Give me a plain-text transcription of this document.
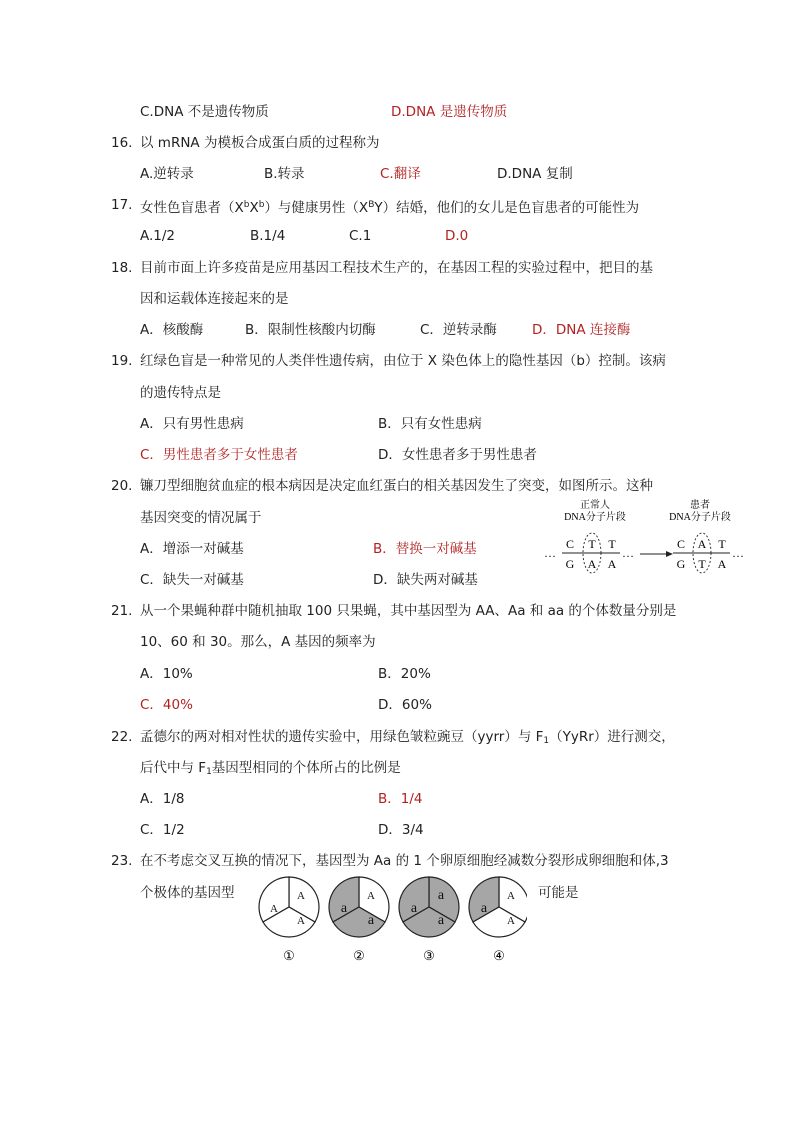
C.DNA 不是遗传物质	D.DNA 是遗传物质
16. 以 mRNA 为模板合成蛋白质的过程称为
A.逆转录	B.转录	C.翻译	D.DNA 复制
17. 女性色盲患者$(X^bX^b)$与健康男性$(X^BY)$结婚，他们的女儿是色盲患者的可能性为
A.1/2	B.1/4	C.1	D.0
18. 目前市面上许多疫苗是应用基因工程技术生产的，在基因工程的实验过程中，把目的基
因和运载体连接起来的是
A．核酸酶	B．限制性核酸内切酶	C．逆转录酶	D．DNA 连接酶
19. 红绿色盲是一种常见的人类伴性遗传病，由位于 X 染色体上的隐性基因（b）控制。该病
的遗传特点是
A．只有男性患病	B．只有女性患病
C．男性患者多于女性患者	D．女性患者多于男性患者
20. 镰刀型细胞贫血症的根本病因是决定血红蛋白的相关基因发生了突变，如图所示。这种
基因突变的情况属于
A．增添一对碱基	B．替换一对碱基
C．缺失一对碱基	D．缺失两对碱基
正常人
DNA分子片段
患者
DNA分子片段
…
C T T
G A A
…
C A T
G T A
…
21. 从一个果蝇种群中随机抽取 100 只果蝇，其中基因型为 AA、Aa 和 aa 的个体数量分别是
10、60 和 30。那么，A 基因的频率为
A．10%	B．20%
C．40%	D．60%
22. 孟德尔的两对相对性状的遗传实验中，用绿色皱粒豌豆（yyrr）与 $F_1(YyRr)$进行测交，
后代中与 $F_1$基因型相同的个体所占的比例是
A．1/8	B．1/4
C．1/2	D．3/4
23. 在不考虑交叉互换的情况下，基因型为 Aa 的 1 个卵原细胞经减数分裂形成卵细胞和体,3
个极体的基因型	可能是
A
A
A
①
a
A
a
②
a
a
a
③
a
A
A
④
